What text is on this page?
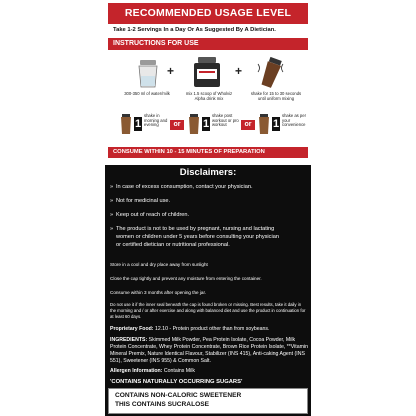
RECOMMENDED USAGE LEVEL
Take 1-2 Servings In a Day Or As Suggested By A Dietician.
INSTRUCTIONS FOR USE
300-350 ml of water/milk
+
mix 1.5 scoop of Wholviz Alpha drink mix
+
shake for 15 to 30 seconds until uniform mixing
1
shake in morning and evening	or	1
shake post workout or pro workout	or	1
shake as per your convenience
CONSUME WITHIN 10 - 15 MINUTES OF PREPARATION
Disclaimers:
» In case of excess consumption, contact your physician.
» Not for medicinal use.
» Keep out of reach of children.
» The product is not to be used by pregnant, nursing and lactating
women or children under 5 years before consulting your physician
or certified dietician or nutritional professional.
Store in a cool and dry place away from sunlight
Close the cap tightly and prevent any moisture from entering the container.
Consume within 3 months after opening the jar.
Do not use it if the inner seal beneath the cap is found broken or missing. Best results, take it daily in the morning and / or after exercise and along with balanced diet and use the product in continuation for at least 60 days.
Proprietary Food: 12.10 - Protein product other than from soybeans.
INGREDIENTS: Skimmed Milk Powder, Pea Protein Isolate, Cocoa Powder, Milk Protein Concentrate, Whey Protein Concentrate, Brown Rice Protein Isolate, **Vitamin Mineral Premix, Nature Identical Flavour, Stabilizer (INS 415), Anti-caking Agent (INS 551), Sweetener (INS 955) & Common Salt.
Allergen Information: Contains Milk
'CONTAINS NATURALLY OCCURRING SUGARS'
CONTAINS NON-CALORIC SWEETENER
THIS CONTAINS SUCRALOSE
